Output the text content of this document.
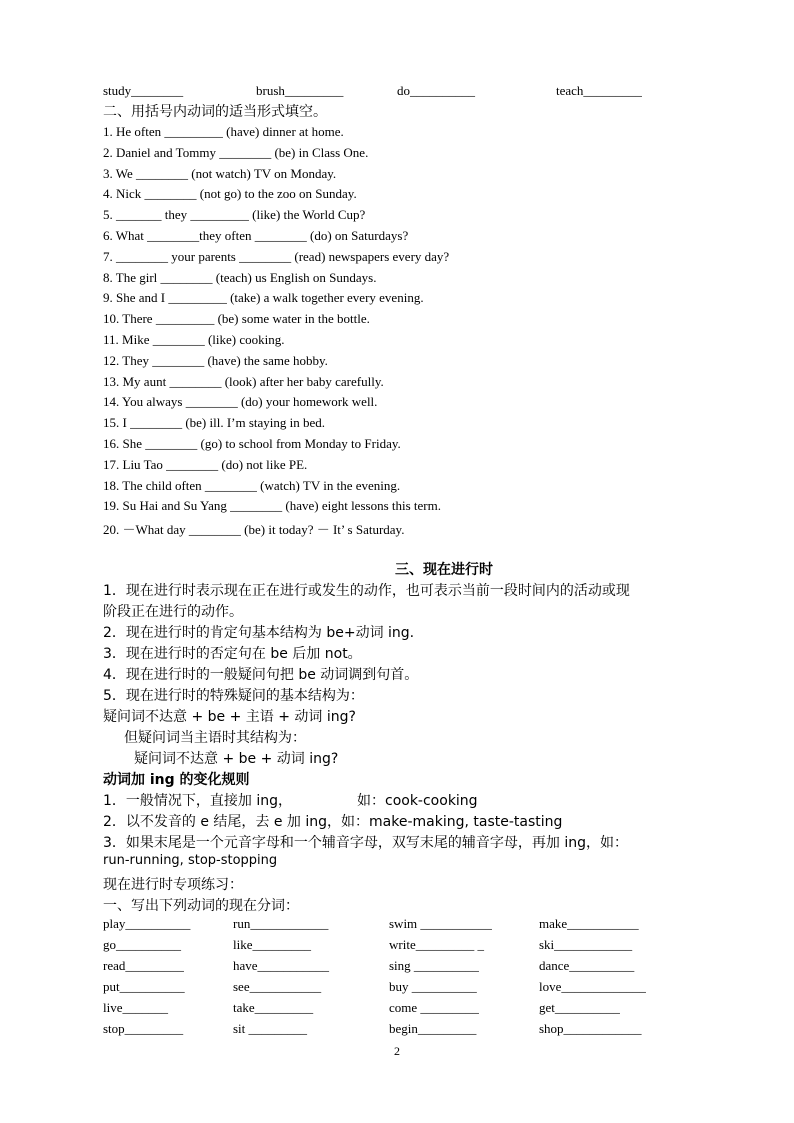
study________	brush_________	do__________	teach_________
二、用括号内动词的适当形式填空。
1. He often _________ (have) dinner at home.
2. Daniel and Tommy ________ (be) in Class One.
3. We ________ (not watch) TV on Monday.
4. Nick ________ (not go) to the zoo on Sunday.
5. _______ they _________ (like) the World Cup?
6. What ________they often ________ (do) on Saturdays?
7. ________ your parents ________ (read) newspapers every day?
8. The girl ________ (teach) us English on Sundays.
9. She and I _________ (take) a walk together every evening.
10. There _________ (be) some water in the bottle.
11. Mike ________ (like) cooking.
12. They ________ (have) the same hobby.
13. My aunt ________ (look) after her baby carefully.
14. You always ________ (do) your homework well.
15. I ________ (be) ill. I’m staying in bed.
16. She ________ (go) to school from Monday to Friday.
17. Liu Tao ________ (do) not like PE.
18. The child often ________ (watch) TV in the evening.
19. Su Hai and Su Yang ________ (have) eight lessons this term.
20. －What day ________ (be) it today? － It’ s Saturday.
三、现在进行时
1．现在进行时表示现在正在进行或发生的动作，也可表示当前一段时间内的活动或现
阶段正在进行的动作。
2．现在进行时的肯定句基本结构为 be+动词 ing.
3．现在进行时的否定句在 be 后加 not。
4．现在进行时的一般疑问句把 be 动词调到句首。
5．现在进行时的特殊疑问的基本结构为：
疑问词不达意 + be + 主语 + 动词 ing?
但疑问词当主语时其结构为：
疑问词不达意 + be + 动词 ing?
动词加 ing 的变化规则
1．一般情况下，直接加 ing，	如：cook-cooking
2．以不发音的 e 结尾，去 e 加 ing，如：make-making, taste-tasting
3．如果末尾是一个元音字母和一个辅音字母，双写末尾的辅音字母，再加 ing，如：
run-running, stop-stopping
现在进行时专项练习：
一、写出下列动词的现在分词：
play__________	run____________	swim ___________	make___________
go__________	like_________	write_________ _	ski____________
read_________	have___________	sing __________	dance__________
put__________	see___________	buy __________	love_____________
live_______	take_________	come _________	get__________
stop_________	sit _________	begin_________	shop____________
2
